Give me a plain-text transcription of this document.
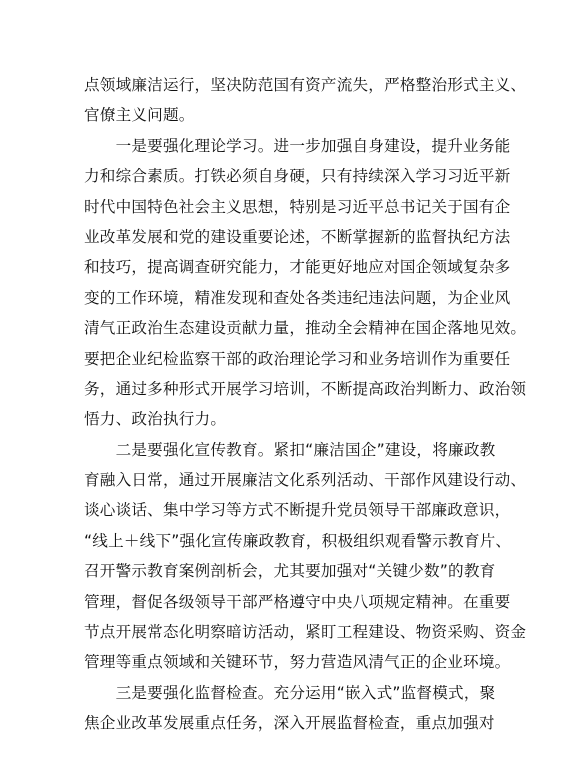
点领域廉洁运行，坚决防范国有资产流失，严格整治形式主义、
官僚主义问题。
　　一是要强化理论学习。进一步加强自身建设，提升业务能
力和综合素质。打铁必须自身硬，只有持续深入学习习近平新
时代中国特色社会主义思想，特别是习近平总书记关于国有企
业改革发展和党的建设重要论述，不断掌握新的监督执纪方法
和技巧，提高调查研究能力，才能更好地应对国企领域复杂多
变的工作环境，精准发现和查处各类违纪违法问题，为企业风
清气正政治生态建设贡献力量，推动全会精神在国企落地见效。
要把企业纪检监察干部的政治理论学习和业务培训作为重要任
务，通过多种形式开展学习培训，不断提高政治判断力、政治领
悟力、政治执行力。
　　二是要强化宣传教育。紧扣“廉洁国企”建设，将廉政教
育融入日常，通过开展廉洁文化系列活动、干部作风建设行动、
谈心谈话、集中学习等方式不断提升党员领导干部廉政意识，
“线上＋线下”强化宣传廉政教育，积极组织观看警示教育片、
召开警示教育案例剖析会，尤其要加强对“关键少数”的教育
管理，督促各级领导干部严格遵守中央八项规定精神。在重要
节点开展常态化明察暗访活动，紧盯工程建设、物资采购、资金
管理等重点领域和关键环节，努力营造风清气正的企业环境。
　　三是要强化监督检查。充分运用“嵌入式”监督模式，聚
焦企业改革发展重点任务，深入开展监督检查，重点加强对
